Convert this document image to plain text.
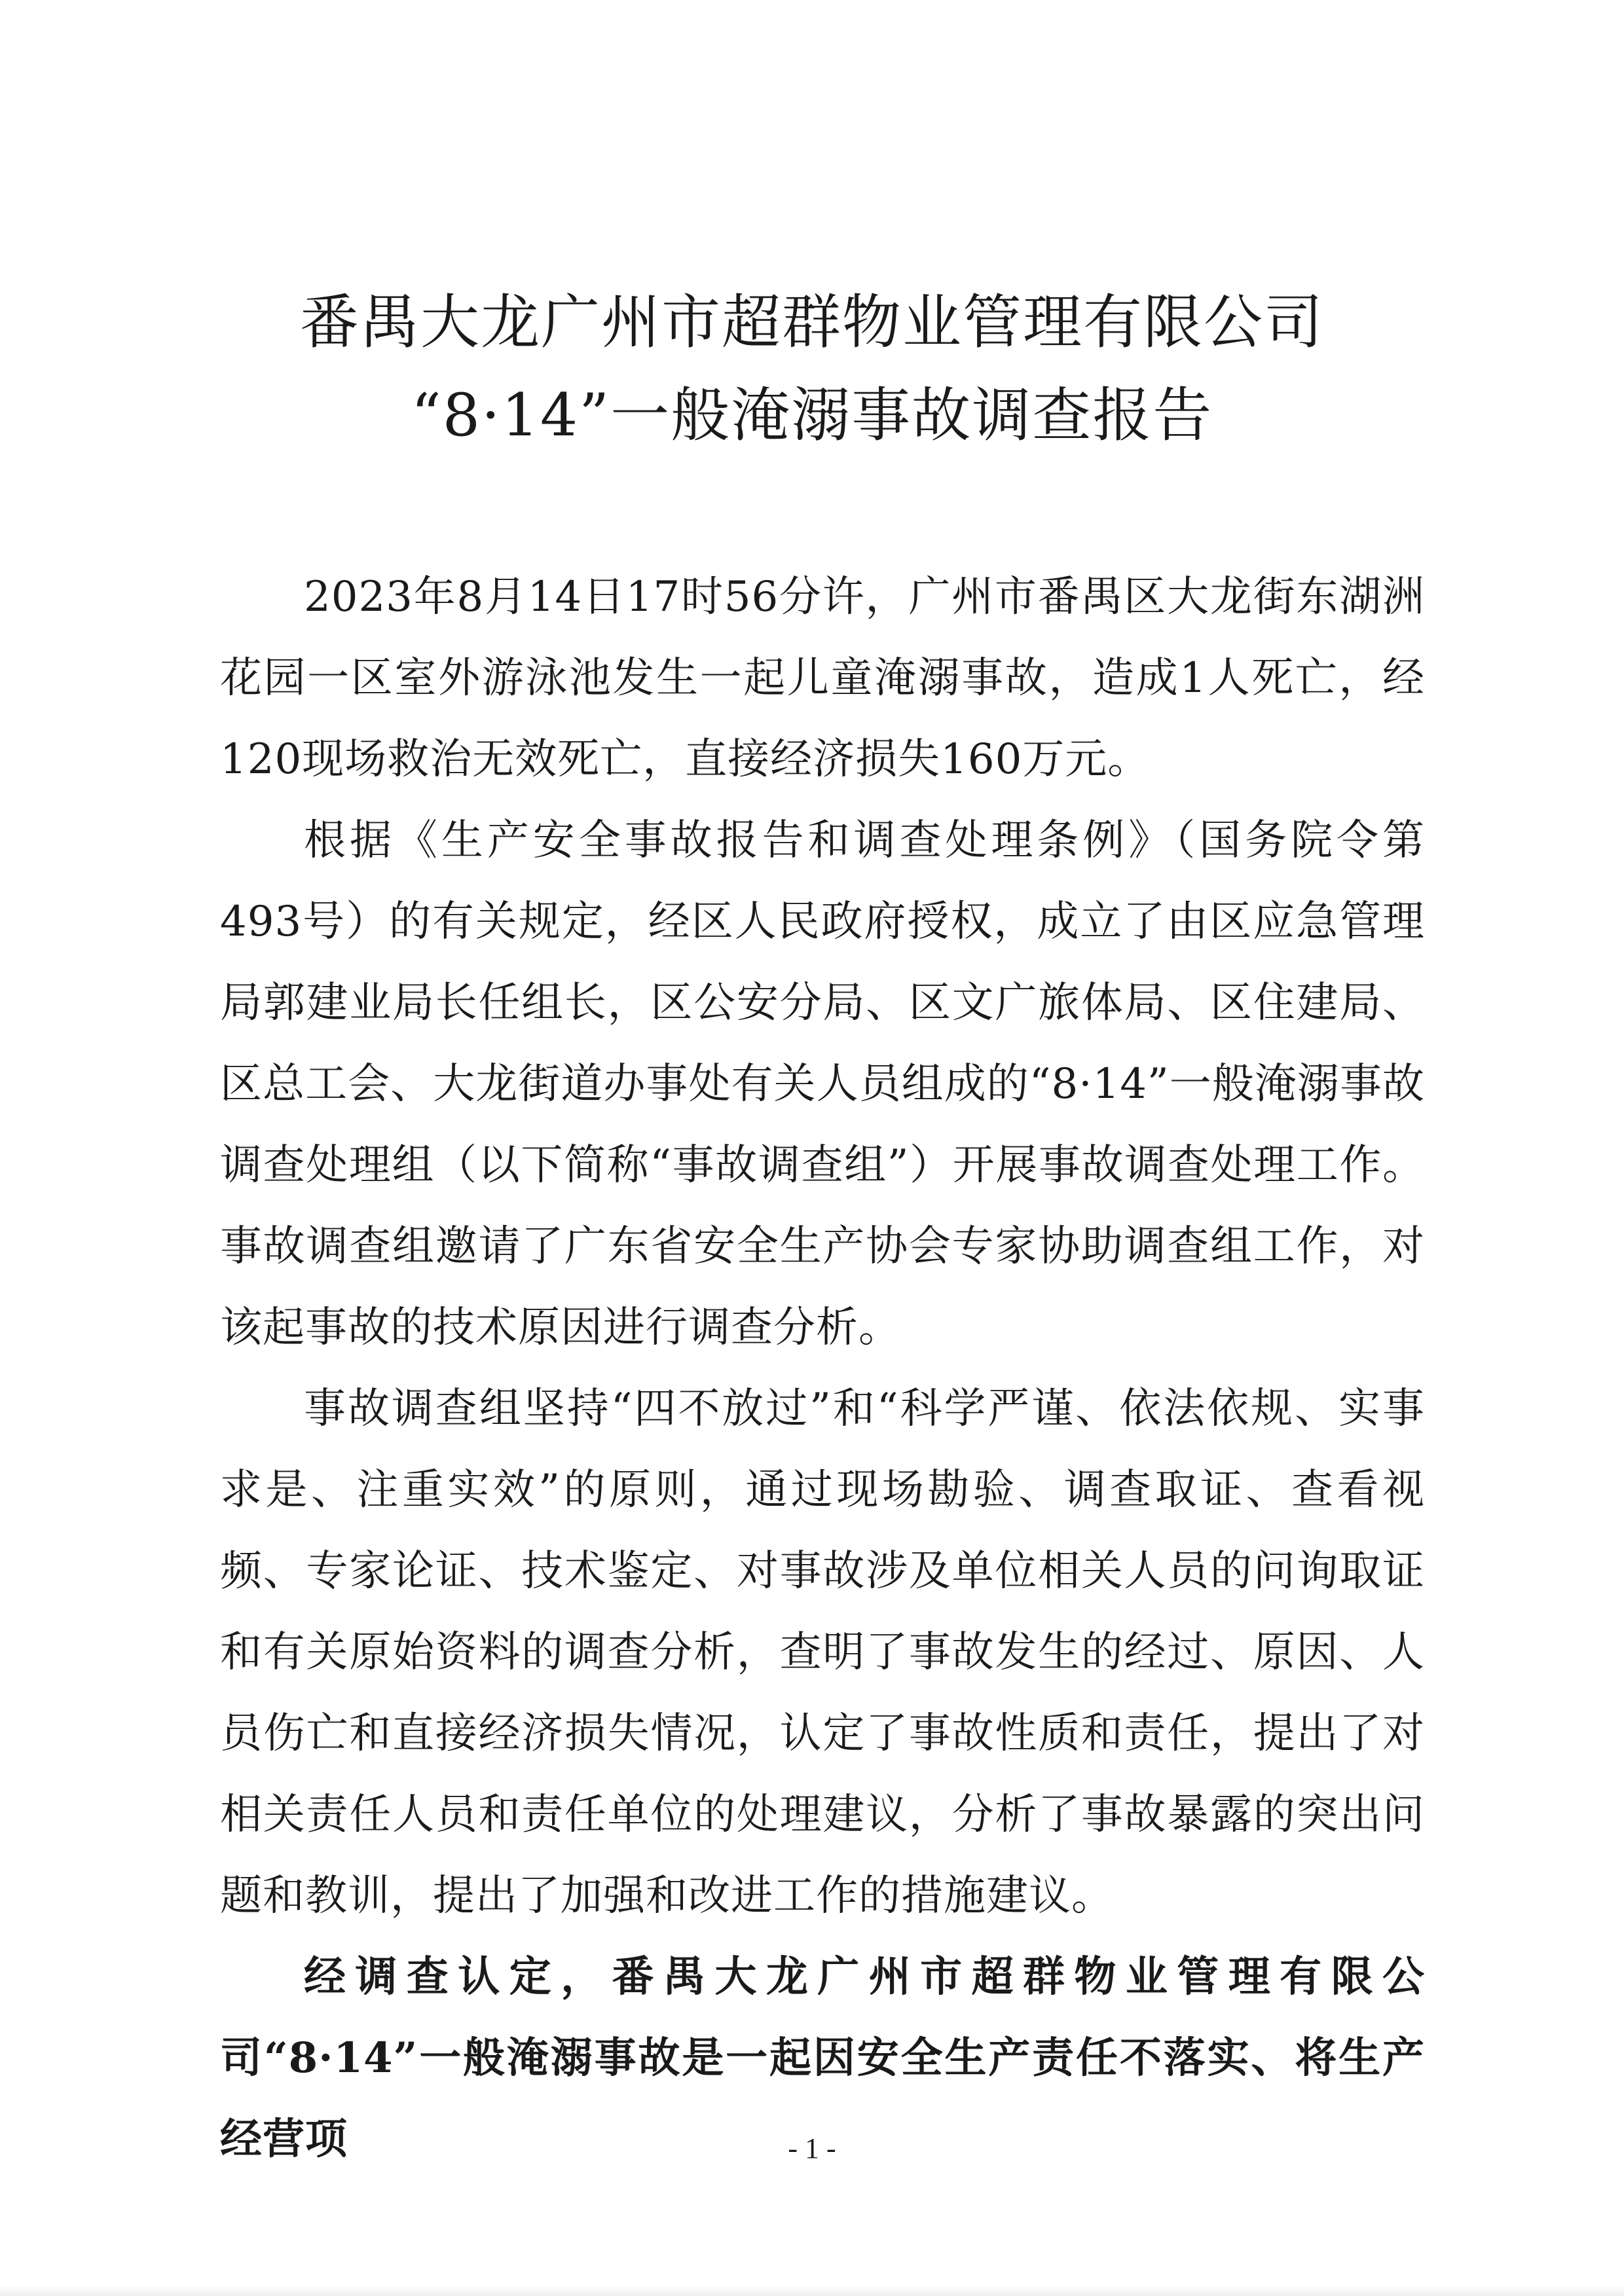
番禺大龙广州市超群物业管理有限公司
“8·14”一般淹溺事故调查报告

2023年8月14日17时56分许，广州市番禺区大龙街东湖洲花园一区室外游泳池发生一起儿童淹溺事故，造成1人死亡，经120现场救治无效死亡，直接经济损失160万元。

根据《生产安全事故报告和调查处理条例》（国务院令第493号）的有关规定，经区人民政府授权，成立了由区应急管理局郭建业局长任组长，区公安分局、区文广旅体局、区住建局、区总工会、大龙街道办事处有关人员组成的“8·14”一般淹溺事故调查处理组（以下简称“事故调查组”）开展事故调查处理工作。事故调查组邀请了广东省安全生产协会专家协助调查组工作，对该起事故的技术原因进行调查分析。

事故调查组坚持“四不放过”和“科学严谨、依法依规、实事求是、注重实效”的原则，通过现场勘验、调查取证、查看视频、专家论证、技术鉴定、对事故涉及单位相关人员的问询取证和有关原始资料的调查分析，查明了事故发生的经过、原因、人员伤亡和直接经济损失情况，认定了事故性质和责任，提出了对相关责任人员和责任单位的处理建议，分析了事故暴露的突出问题和教训，提出了加强和改进工作的措施建议。

经调查认定，番禺大龙广州市超群物业管理有限公司“8·14”一般淹溺事故是一起因安全生产责任不落实、将生产经营项	- 1 -
